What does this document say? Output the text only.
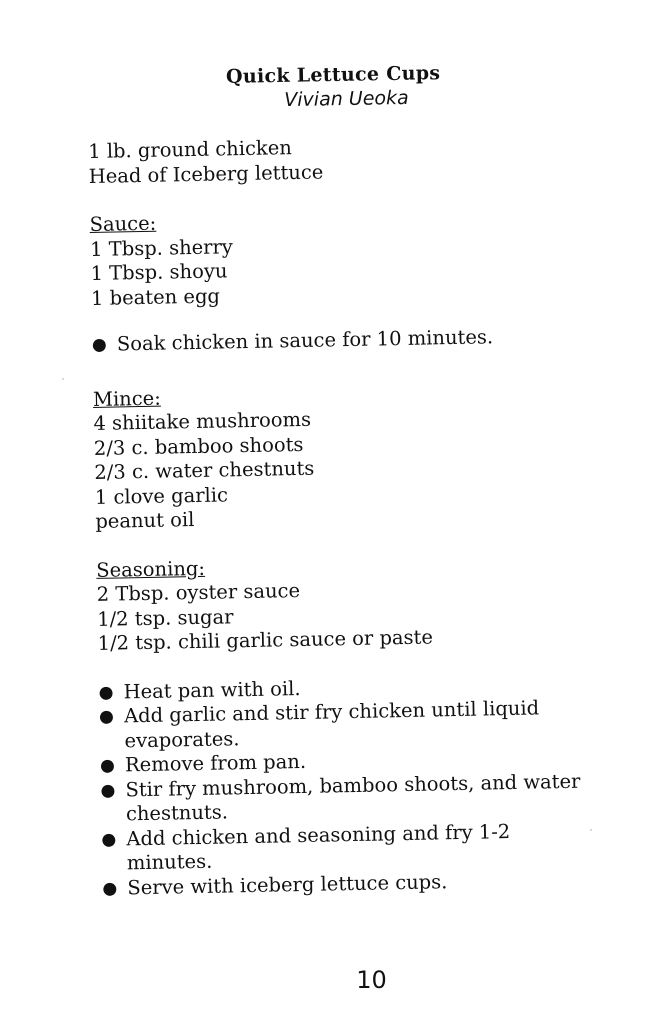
Quick Lettuce Cups
Vivian Ueoka
1 lb. ground chicken
Head of Iceberg lettuce
Sauce:
1 Tbsp. sherry
1 Tbsp. shoyu
1 beaten egg
● Soak chicken in sauce for 10 minutes.
Mince:
4 shiitake mushrooms
2/3 c. bamboo shoots
2/3 c. water chestnuts
1 clove garlic
peanut oil
Seasoning:
2 Tbsp. oyster sauce
1/2 tsp. sugar
1/2 tsp. chili garlic sauce or paste
● Heat pan with oil.
● Add garlic and stir fry chicken until liquid
evaporates.
● Remove from pan.
● Stir fry mushroom, bamboo shoots, and water
chestnuts.
● Add chicken and seasoning and fry 1-2
minutes.
● Serve with iceberg lettuce cups.
10
